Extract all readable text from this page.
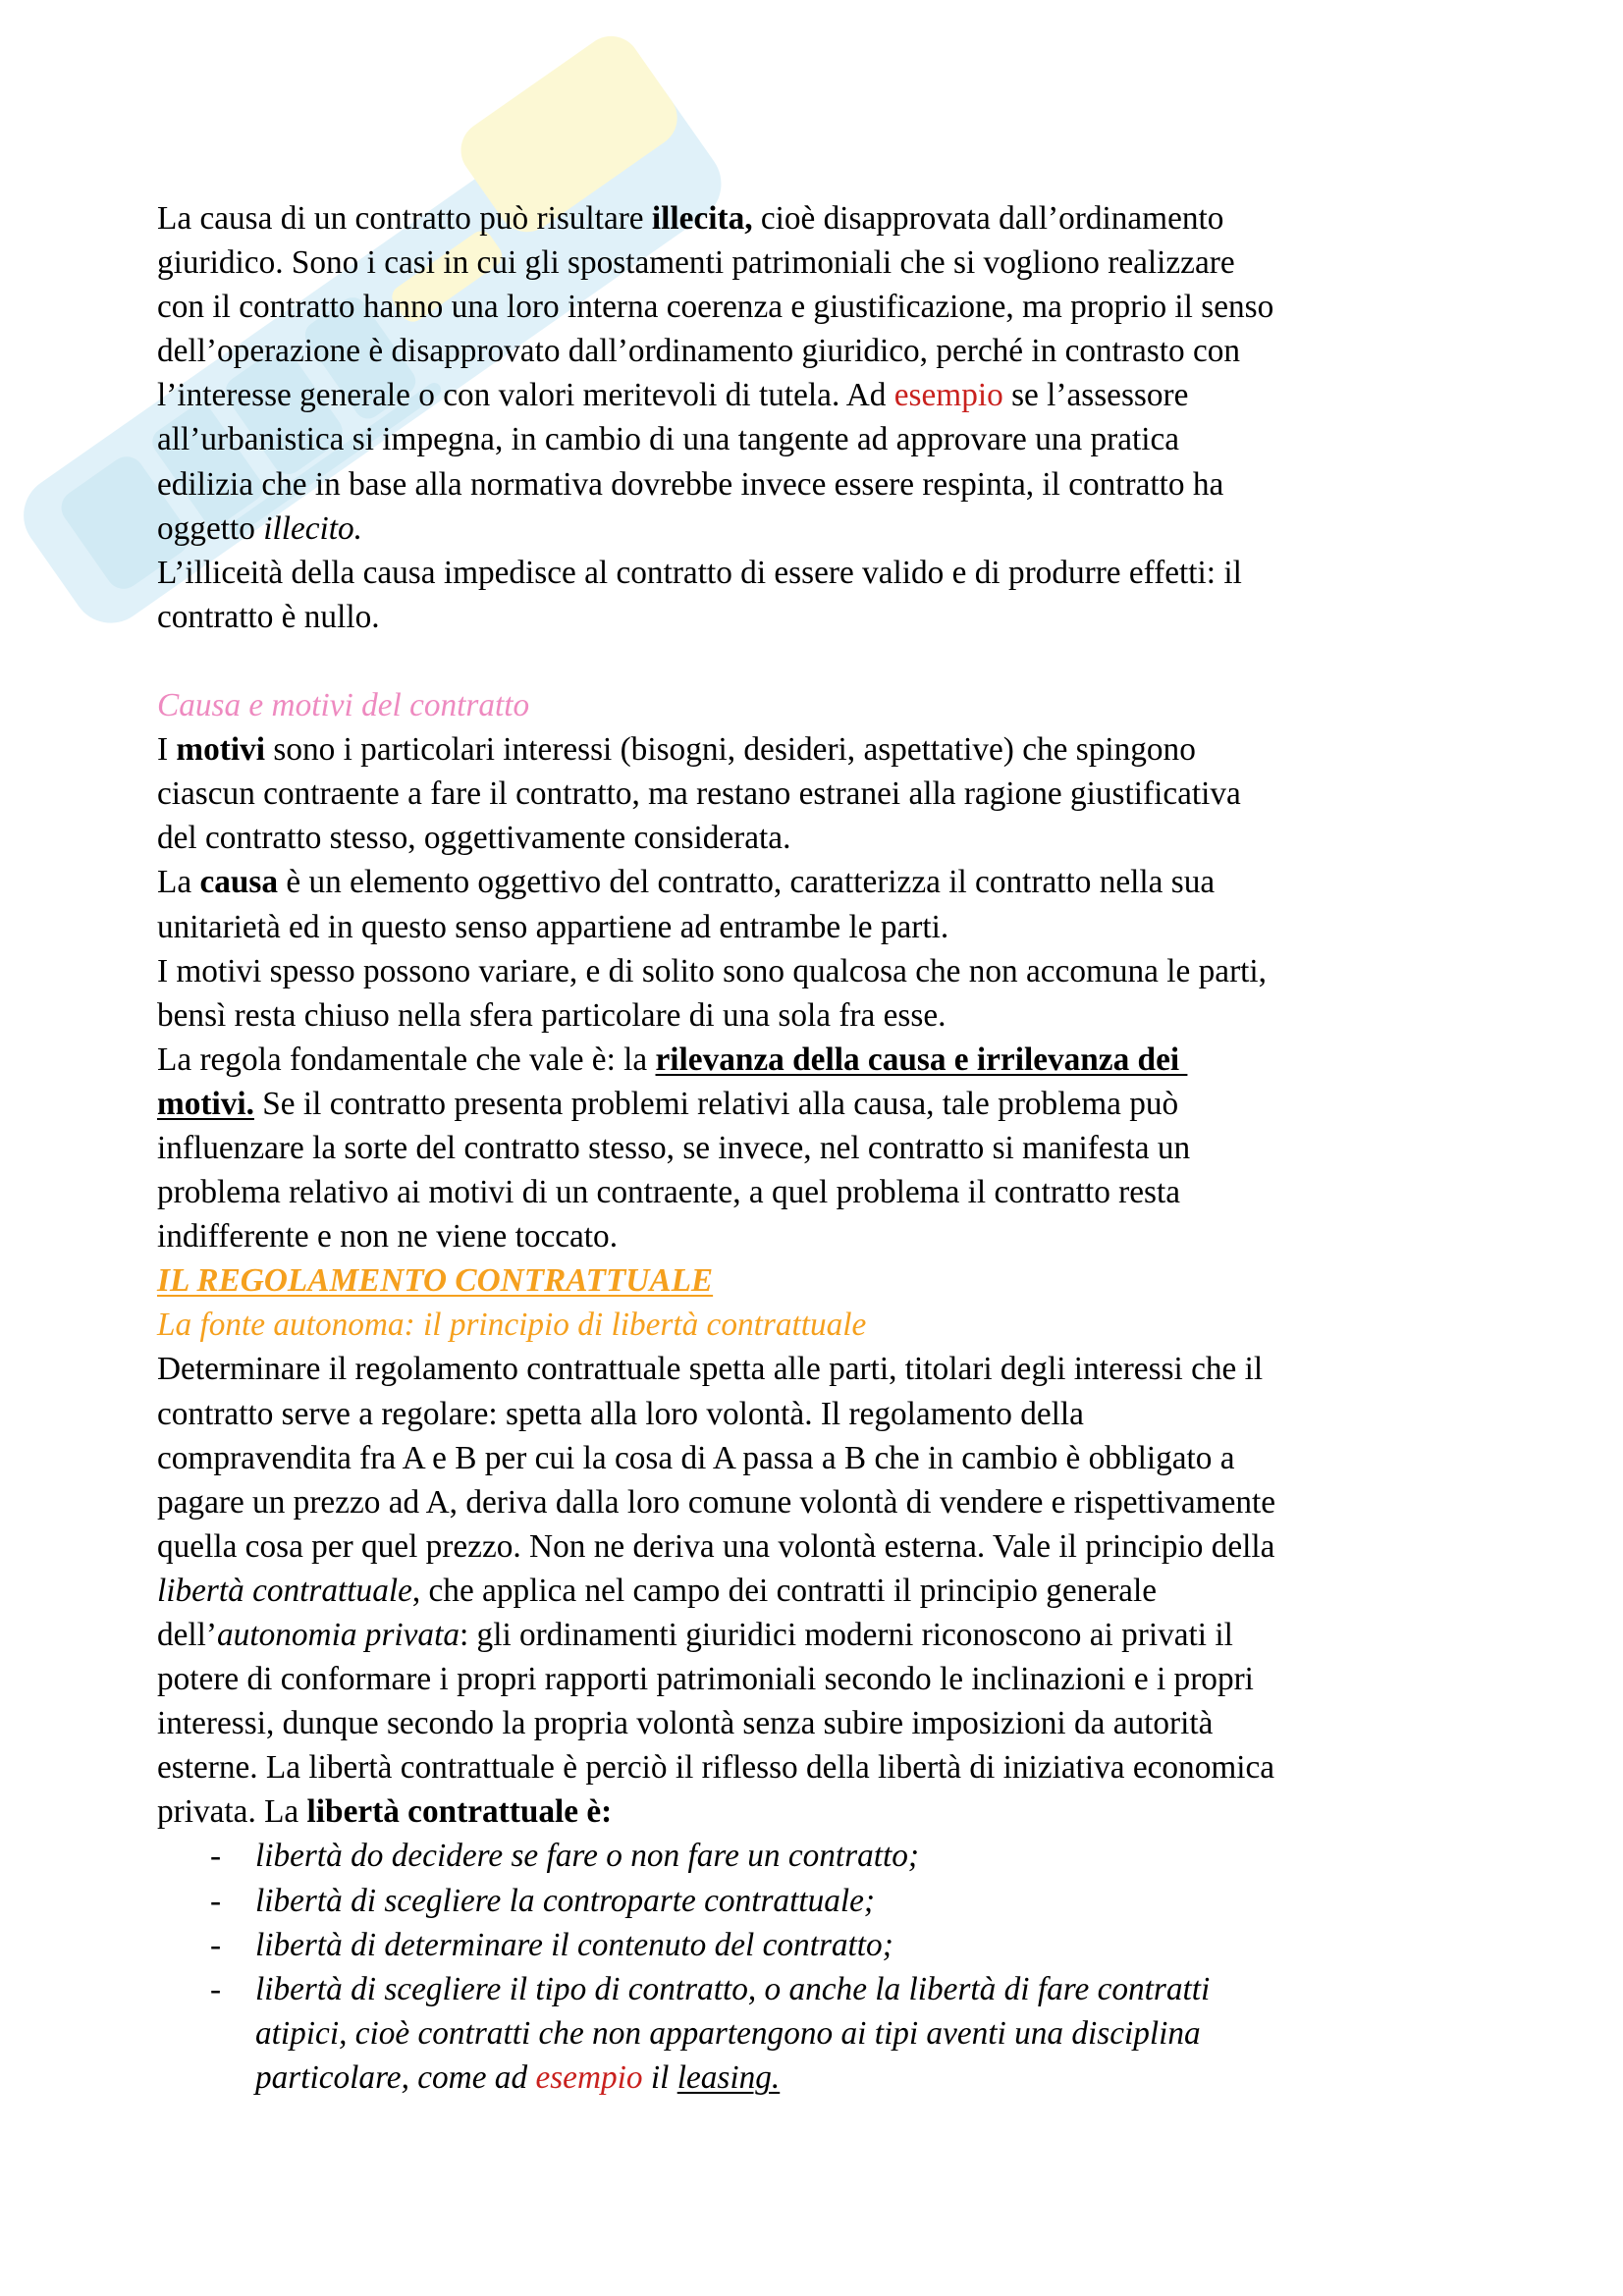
La causa di un contratto può risultare illecita, cioè disapprovata dall’ordinamento
giuridico. Sono i casi in cui gli spostamenti patrimoniali che si vogliono realizzare
con il contratto hanno una loro interna coerenza e giustificazione, ma proprio il senso
dell’operazione è disapprovato dall’ordinamento giuridico, perché in contrasto con
l’interesse generale o con valori meritevoli di tutela. Ad esempio se l’assessore
all’urbanistica si impegna, in cambio di una tangente ad approvare una pratica
edilizia che in base alla normativa dovrebbe invece essere respinta, il contratto ha
oggetto illecito.
L’illiceità della causa impedisce al contratto di essere valido e di produrre effetti: il
contratto è nullo.
Causa e motivi del contratto
I motivi sono i particolari interessi (bisogni, desideri, aspettative) che spingono
ciascun contraente a fare il contratto, ma restano estranei alla ragione giustificativa
del contratto stesso, oggettivamente considerata.
La causa è un elemento oggettivo del contratto, caratterizza il contratto nella sua
unitarietà ed in questo senso appartiene ad entrambe le parti.
I motivi spesso possono variare, e di solito sono qualcosa che non accomuna le parti,
bensì resta chiuso nella sfera particolare di una sola fra esse.
La regola fondamentale che vale è: la rilevanza della causa e irrilevanza dei
motivi. Se il contratto presenta problemi relativi alla causa, tale problema può
influenzare la sorte del contratto stesso, se invece, nel contratto si manifesta un
problema relativo ai motivi di un contraente, a quel problema il contratto resta
indifferente e non ne viene toccato.
IL REGOLAMENTO CONTRATTUALE
La fonte autonoma: il principio di libertà contrattuale
Determinare il regolamento contrattuale spetta alle parti, titolari degli interessi che il
contratto serve a regolare: spetta alla loro volontà. Il regolamento della
compravendita fra A e B per cui la cosa di A passa a B che in cambio è obbligato a
pagare un prezzo ad A, deriva dalla loro comune volontà di vendere e rispettivamente
quella cosa per quel prezzo. Non ne deriva una volontà esterna. Vale il principio della
libertà contrattuale, che applica nel campo dei contratti il principio generale
dell’autonomia privata: gli ordinamenti giuridici moderni riconoscono ai privati il
potere di conformare i propri rapporti patrimoniali secondo le inclinazioni e i propri
interessi, dunque secondo la propria volontà senza subire imposizioni da autorità
esterne. La libertà contrattuale è perciò il riflesso della libertà di iniziativa economica
privata. La libertà contrattuale è:
- libertà do decidere se fare o non fare un contratto;
- libertà di scegliere la controparte contrattuale;
- libertà di determinare il contenuto del contratto;
- libertà di scegliere il tipo di contratto, o anche la libertà di fare contratti
atipici, cioè contratti che non appartengono ai tipi aventi una disciplina
particolare, come ad esempio il leasing.
